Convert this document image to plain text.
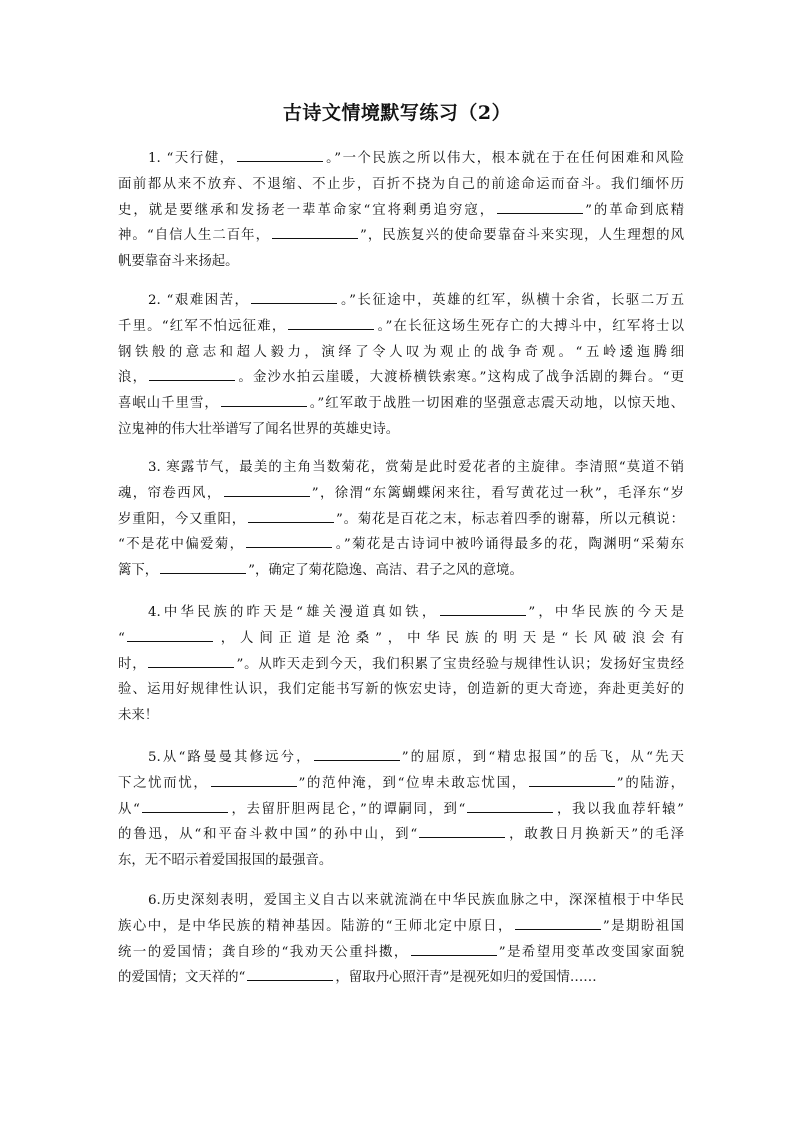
古诗文情境默写练习（2）
1. “天行健，	。”一个民族之所以伟大，根本就在于在任何困难和风险
面前都从来不放弃、不退缩、不止步，百折不挠为自己的前途命运而奋斗。我们缅怀历
史，就是要继承和发扬老一辈革命家“宜将剩勇追穷寇，	”的革命到底精
神。“自信人生二百年，	”，民族复兴的使命要靠奋斗来实现，人生理想的风
帆要靠奋斗来扬起。
2. “艰难困苦，	。”长征途中，英雄的红军，纵横十余省，长驱二万五
千里。“红军不怕远征难，	。”在长征这场生死存亡的大搏斗中，红军将士以
钢铁般的意志和超人毅力，演绎了令人叹为观止的战争奇观。“五岭逶迤腾细
浪，	。金沙水拍云崖暖，大渡桥横铁索寒。”这构成了战争活剧的舞台。“更
喜岷山千里雪，	。”红军敢于战胜一切困难的坚强意志震天动地，以惊天地、
泣鬼神的伟大壮举谱写了闻名世界的英雄史诗。
3. 寒露节气，最美的主角当数菊花，赏菊是此时爱花者的主旋律。李清照“莫道不销
魂，帘卷西风，	”，徐渭“东篱蝴蝶闲来往，看写黄花过一秋”，毛泽东“岁
岁重阳，今又重阳，	”。菊花是百花之末，标志着四季的谢幕，所以元稹说：
“不是花中偏爱菊，	。”菊花是古诗词中被吟诵得最多的花，陶渊明“采菊东
篱下，	”，确定了菊花隐逸、高洁、君子之风的意境。
4.中华民族的昨天是“雄关漫道真如铁，	”，中华民族的今天是
“	，人间正道是沧桑”，中华民族的明天是“长风破浪会有
时，	”。从昨天走到今天，我们积累了宝贵经验与规律性认识；发扬好宝贵经
验、运用好规律性认识，我们定能书写新的恢宏史诗，创造新的更大奇迹，奔赴更美好的
未来！
5.从“路曼曼其修远兮，	”的屈原，到“精忠报国”的岳飞，从“先天
下之忧而忧，	”的范仲淹，到“位卑未敢忘忧国，	”的陆游，
从“	，去留肝胆两昆仑，”的谭嗣同，到“	，我以我血荐轩辕”
的鲁迅，从“和平奋斗救中国”的孙中山，到“	，敢教日月换新天”的毛泽
东，无不昭示着爱国报国的最强音。
6.历史深刻表明，爱国主义自古以来就流淌在中华民族血脉之中，深深植根于中华民
族心中，是中华民族的精神基因。陆游的“王师北定中原日，	”是期盼祖国
统一的爱国情；龚自珍的“我劝天公重抖擞，	”是希望用变革改变国家面貌
的爱国情；文天祥的“	，留取丹心照汗青”是视死如归的爱国情……
